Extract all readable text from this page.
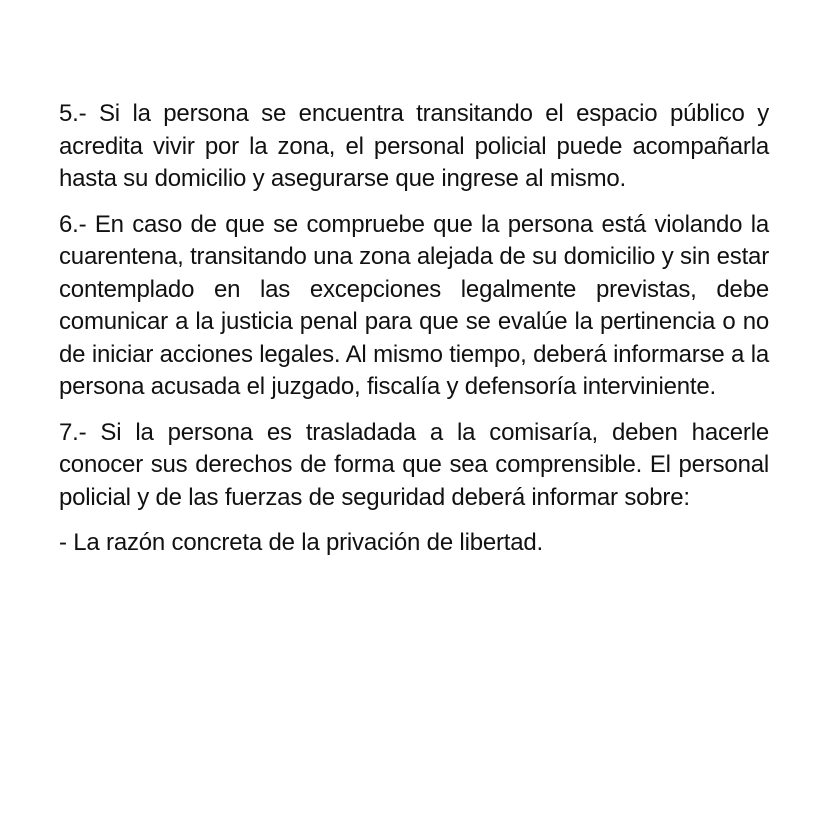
5.- Si la persona se encuentra transitando el espacio público y acredita vivir por la zona, el personal policial puede acompañarla hasta su domicilio y asegurarse que ingrese al mismo.

6.- En caso de que se compruebe que la persona está violando la cuarentena, transitando una zona alejada de su domicilio y sin estar contemplado en las excepciones legalmente previstas, debe comunicar a la justicia penal para que se evalúe la pertinencia o no de iniciar acciones legales. Al mismo tiempo, deberá informarse a la persona acusada el juzgado, fiscalía y defensoría interviniente.

7.- Si la persona es trasladada a la comisaría, deben hacerle conocer sus derechos de forma que sea comprensible. El personal policial y de las fuerzas de seguridad deberá informar sobre:

- La razón concreta de la privación de libertad.
